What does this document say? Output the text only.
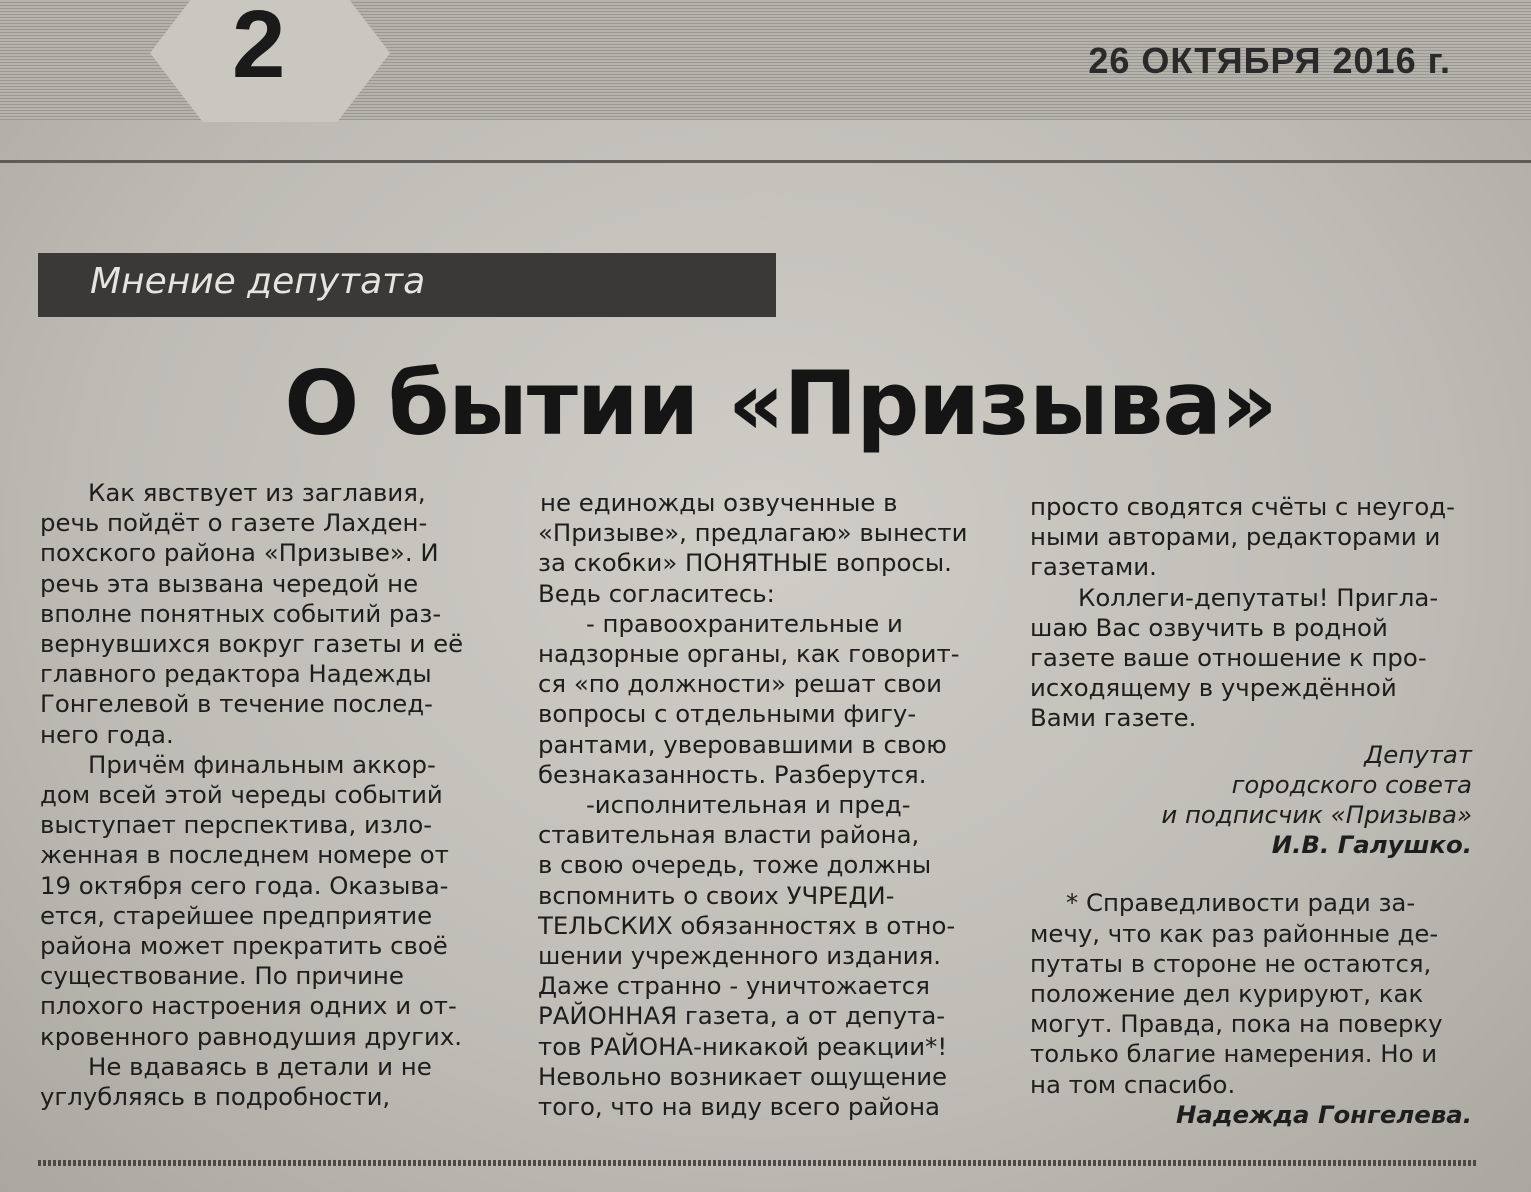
2	26 ОКТЯБРЯ 2016 г.
Мнение депутата
О бытии «Призыва»
Как явствует из заглавия,
речь пойдёт о газете Лахден-
похского района «Призыве». И
речь эта вызвана чередой не
вполне понятных событий раз-
вернувшихся вокруг газеты и её
главного редактора Надежды
Гонгелевой в течение послед-
него года.
Причём финальным аккор-
дом всей этой череды событий
выступает перспектива, изло-
женная в последнем номере от
19 октября сего года. Оказыва-
ется, старейшее предприятие
района может прекратить своё
существование. По причине
плохого настроения одних и от-
кровенного равнодушия других.
Не вдаваясь в детали и не
углубляясь в подробности,
не единожды озвученные в
«Призыве», предлагаю» вынести
за скобки» ПОНЯТНЫЕ вопросы.
Ведь согласитесь:
- правоохранительные и
надзорные органы, как говорит-
ся «по должности» решат свои
вопросы с отдельными фигу-
рантами, уверовавшими в свою
безнаказанность. Разберутся.
-исполнительная и пред-
ставительная власти района,
в свою очередь, тоже должны
вспомнить о своих УЧРЕДИ-
ТЕЛЬСКИХ обязанностях в отно-
шении учрежденного издания.
Даже странно - уничтожается
РАЙОННАЯ газета, а от депута-
тов РАЙОНА-никакой реакции*!
Невольно возникает ощущение
того, что на виду всего района
просто сводятся счёты с неугод-
ными авторами, редакторами и
газетами.
Коллеги-депутаты! Пригла-
шаю Вас озвучить в родной
газете ваше отношение к про-
исходящему в учреждённой
Вами газете.
Депутат
городского совета
и подписчик «Призыва»
И.В. Галушко.
* Справедливости ради за-
мечу, что как раз районные де-
путаты в стороне не остаются,
положение дел курируют, как
могут. Правда, пока на поверку
только благие намерения. Но и
на том спасибо.
Надежда Гонгелева.
